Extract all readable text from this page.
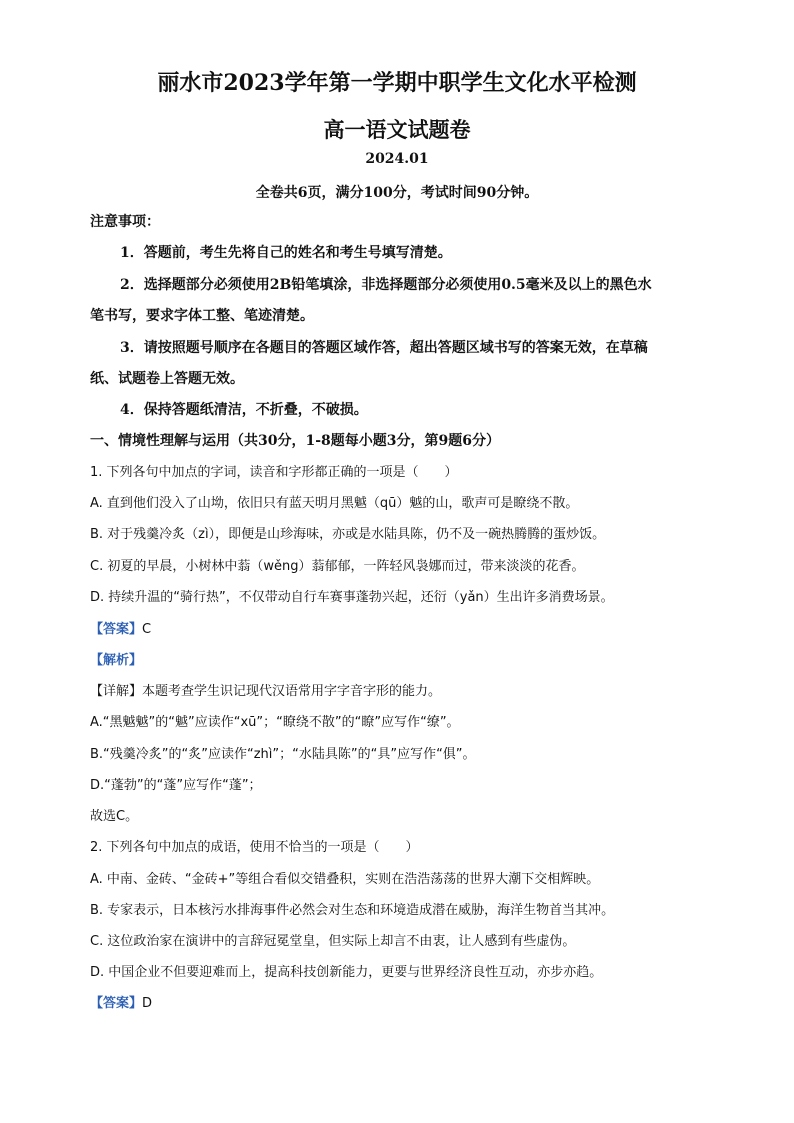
丽水市2023学年第一学期中职学生文化水平检测
高一语文试题卷
2024.01
全卷共6页，满分100分，考试时间90分钟。
注意事项：
1．答题前，考生先将自己的姓名和考生号填写清楚。
2．选择题部分必须使用2B铅笔填涂，非选择题部分必须使用0.5毫米及以上的黑色水
笔书写，要求字体工整、笔迹清楚。
3．请按照题号顺序在各题目的答题区域作答，超出答题区域书写的答案无效，在草稿
纸、试题卷上答题无效。
4．保持答题纸清洁，不折叠，不破损。
一、情境性理解与运用（共30分，1-8题每小题3分，第9题6分）
1. 下列各句中加点的字词，读音和字形都正确的一项是（　　）
A. 直到他们没入了山坳，依旧只有蓝天明月黑魆（qū）魆的山，歌声可是瞭绕不散。
B. 对于残羹冷炙（zì），即便是山珍海味，亦或是水陆具陈，仍不及一碗热腾腾的蛋炒饭。
C. 初夏的早晨，小树林中蓊（wěng）蓊郁郁，一阵轻风袅娜而过，带来淡淡的花香。
D. 持续升温的“骑行热”，不仅带动自行车赛事蓬勃兴起，还衍（yǎn）生出许多消费场景。
【答案】C
【解析】
【详解】本题考查学生识记现代汉语常用字字音字形的能力。
A.“黑魆魆”的“魆”应读作“xū”；“瞭绕不散”的“瞭”应写作“缭”。
B.“残羹冷炙”的“炙”应读作“zhì”；“水陆具陈”的“具”应写作“俱”。
D.“蓬勃”的“蓬”应写作“蓬”；
故选C。
2. 下列各句中加点的成语，使用不恰当的一项是（　　）
A. 中南、金砖、“金砖+”等组合看似交错叠积，实则在浩浩荡荡的世界大潮下交相辉映。
B. 专家表示，日本核污水排海事件必然会对生态和环境造成潜在威胁，海洋生物首当其冲。
C. 这位政治家在演讲中的言辞冠冕堂皇，但实际上却言不由衷，让人感到有些虚伪。
D. 中国企业不但要迎难而上，提高科技创新能力，更要与世界经济良性互动，亦步亦趋。
【答案】D
